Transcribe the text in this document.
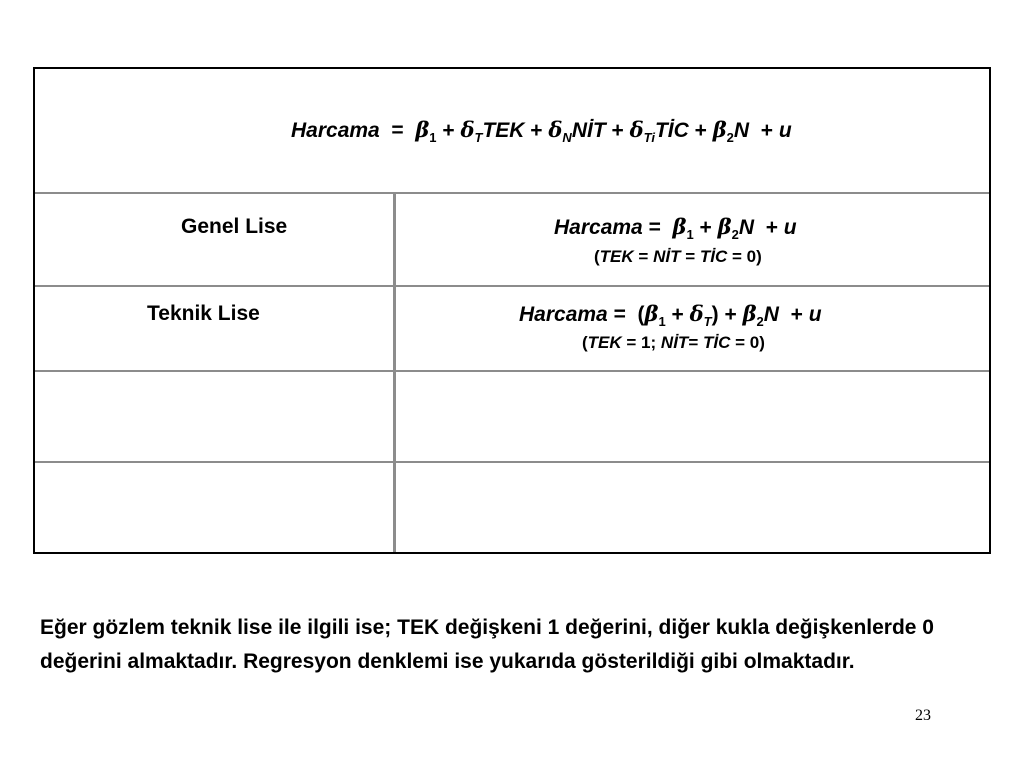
Harcama = $\beta_1 + \delta_TTEK$ + $\delta_NNİT$ + $\delta_{Ti}TİC + \beta_2N + u$
Genel Lise	Harcama = $\beta_1 + \beta_2N + u$
(TEK = NİT = TİC = 0)
Teknik Lise	Harcama = $(\beta_1 + \delta_T) + \beta_2N + u$
(TEK = 1; NİT= TİC = 0)
Eğer gözlem teknik lise ile ilgili ise; TEK değişkeni 1 değerini, diğer kukla değişkenlerde 0 değerini almaktadır. Regresyon denklemi ise yukarıda gösterildiği gibi olmaktadır.
23
